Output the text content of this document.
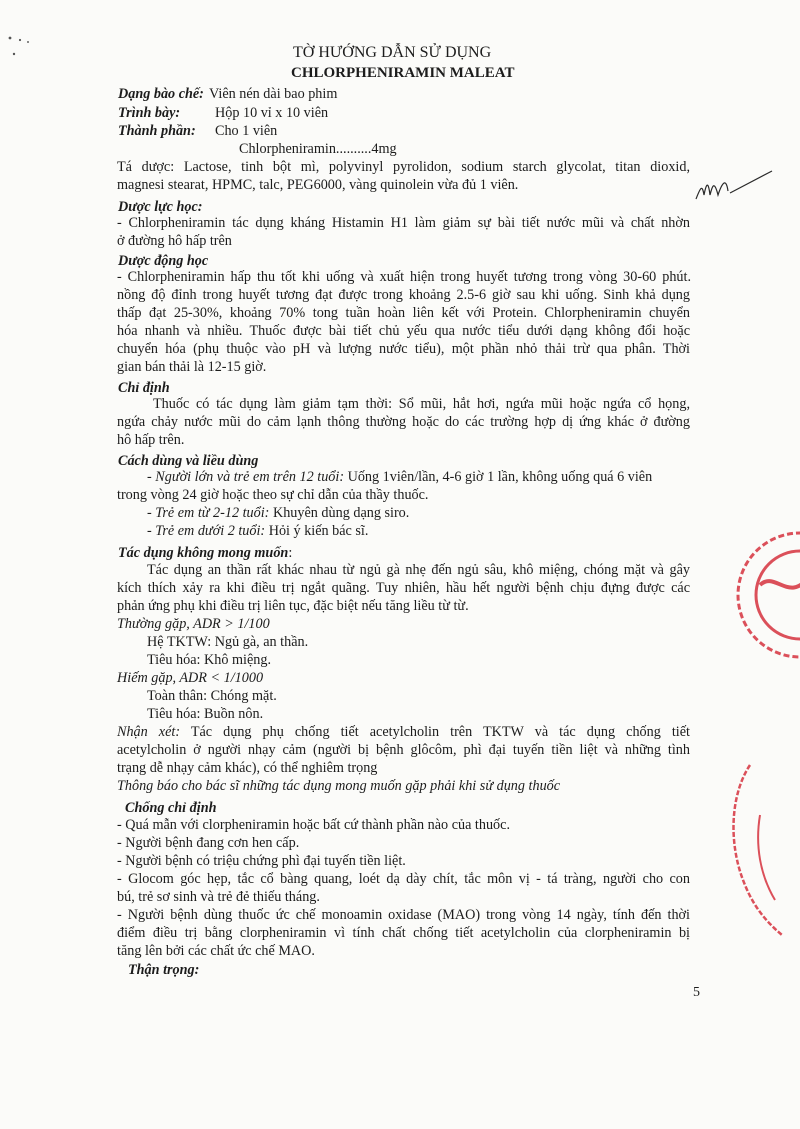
TỜ HƯỚNG DẪN SỬ DỤNG
CHLORPHENIRAMIN MALEAT
Dạng bào chế: Viên nén dài bao phim
Trình bày: Hộp 10 vỉ x 10 viên
Thành phần: Cho 1 viên
Chlorpheniramin..........4mg
Tá dược: Lactose, tinh bột mì, polyvinyl pyrolidon, sodium starch glycolat, titan dioxid,
magnesi stearat, HPMC, talc, PEG6000, vàng quinolein vừa đủ 1 viên.
Dược lực học:
- Chlorpheniramin tác dụng kháng Histamin H1 làm giảm sự bài tiết nước mũi và chất nhờn
ở đường hô hấp trên
Dược động học
- Chlorpheniramin hấp thu tốt khi uống và xuất hiện trong huyết tương trong vòng 30-60 phút.
nồng độ đỉnh trong huyết tương đạt được trong khoảng 2.5-6 giờ sau khi uống. Sinh khả dụng
thấp đạt 25-30%, khoảng 70% tong tuần hoàn liên kết với Protein. Chlorpheniramin chuyển
hóa nhanh và nhiều. Thuốc được bài tiết chủ yếu qua nước tiểu dưới dạng không đổi hoặc
chuyển hóa (phụ thuộc vào pH và lượng nước tiểu), một phần nhỏ thải trừ qua phân. Thời
gian bán thải là 12-15 giờ.
Chỉ định
Thuốc có tác dụng làm giảm tạm thời: Sổ mũi, hắt hơi, ngứa mũi hoặc ngứa cổ họng,
ngứa chảy nước mũi do cảm lạnh thông thường hoặc do các trường hợp dị ứng khác ở đường
hô hấp trên.
Cách dùng và liều dùng
- Người lớn và trẻ em trên 12 tuổi: Uống 1viên/lần, 4-6 giờ 1 lần, không uống quá 6 viên
trong vòng 24 giờ hoặc theo sự chỉ dẫn của thầy thuốc.
- Trẻ em từ 2-12 tuổi: Khuyên dùng dạng siro.
- Trẻ em dưới 2 tuổi: Hỏi ý kiến bác sĩ.
Tác dụng không mong muốn:
Tác dụng an thần rất khác nhau từ ngủ gà nhẹ đến ngủ sâu, khô miệng, chóng mặt và gây
kích thích xảy ra khi điều trị ngắt quãng. Tuy nhiên, hầu hết người bệnh chịu đựng được các
phản ứng phụ khi điều trị liên tục, đặc biệt nếu tăng liều từ từ.
Thường gặp, ADR > 1/100
Hệ TKTW: Ngủ gà, an thần.
Tiêu hóa: Khô miệng.
Hiếm gặp, ADR < 1/1000
Toàn thân: Chóng mặt.
Tiêu hóa: Buồn nôn.
Nhận xét: Tác dụng phụ chống tiết acetylcholin trên TKTW và tác dụng chống tiết
acetylcholin ở người nhạy cảm (người bị bệnh glôcôm, phì đại tuyến tiền liệt và những tình
trạng dễ nhạy cảm khác), có thể nghiêm trọng
Thông báo cho bác sĩ những tác dụng mong muốn gặp phải khi sử dụng thuốc
Chống chỉ định
- Quá mẫn với clorpheniramin hoặc bất cứ thành phần nào của thuốc.
- Người bệnh đang cơn hen cấp.
- Người bệnh có triệu chứng phì đại tuyến tiền liệt.
- Glocom góc hẹp, tắc cổ bàng quang, loét dạ dày chít, tắc môn vị - tá tràng, người cho con
bú, trẻ sơ sinh và trẻ đẻ thiếu tháng.
- Người bệnh dùng thuốc ức chế monoamin oxidase (MAO) trong vòng 14 ngày, tính đến thời
điểm điều trị bằng clorpheniramin vì tính chất chống tiết acetylcholin của clorpheniramin bị
tăng lên bởi các chất ức chế MAO.
Thận trọng:
5
